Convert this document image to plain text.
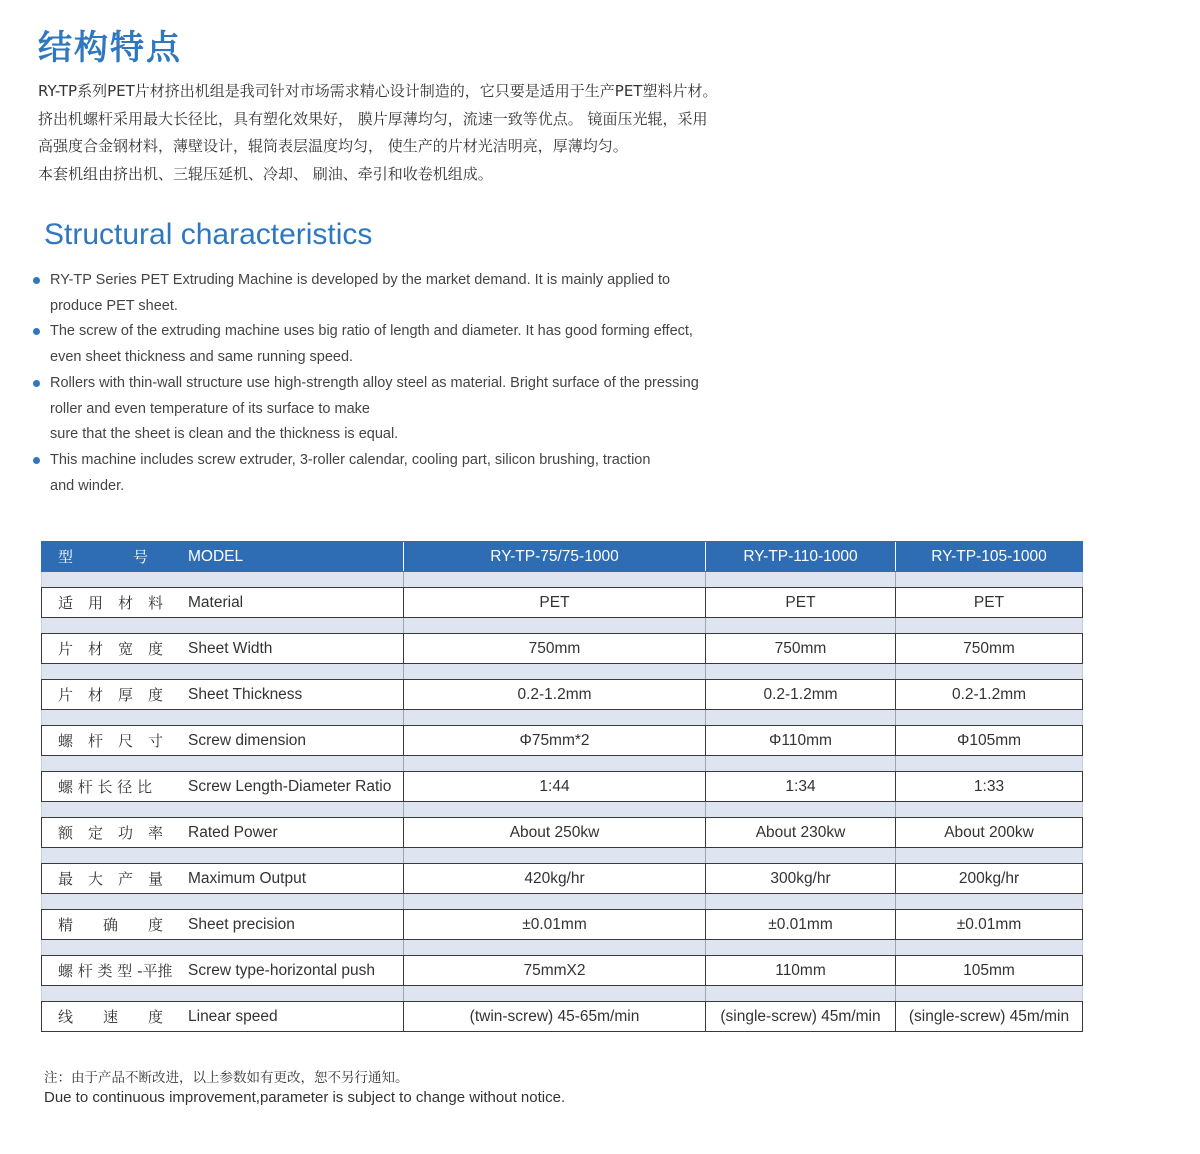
结构特点

RY-TP系列PET片材挤出机组是我司针对市场需求精心设计制造的，它只要是适用于生产PET塑料片材。

挤出机螺杆采用最大长径比，具有塑化效果好， 膜片厚薄均匀，流速一致等优点。 镜面压光辊，采用

高强度合金钢材料，薄壁设计，辊筒表层温度均匀， 使生产的片材光洁明亮，厚薄均匀。

本套机组由挤出机、三辊压延机、冷却、 刷油、牵引和收卷机组成。

Structural characteristics
RY-TP Series PET Extruding Machine is developed by the market demand. It is mainly applied to
produce PET sheet.
The screw of the extruding machine uses big ratio of length and diameter. It has good forming effect,
even sheet thickness and same running speed.
Rollers with thin-wall structure use high-strength alloy steel as material. Bright surface of the pressing
roller and even temperature of its surface to make
sure that the sheet is clean and the thickness is equal.
This machine includes screw extruder, 3-roller calendar, cooling part, silicon brushing, traction
and winder.
型　　　　号	MODEL	RY-TP-75/75-1000	RY-TP-110-1000	RY-TP-105-1000
适　用　材　料	Material	PET	PET	PET
片　材　宽　度	Sheet Width	750mm	750mm	750mm
片　材　厚　度	Sheet Thickness	0.2-1.2mm	0.2-1.2mm	0.2-1.2mm
螺　杆　尺　寸	Screw dimension	Φ75mm*2	Φ110mm	Φ105mm
螺 杆 长 径 比	Screw Length-Diameter Ratio	1:44	1:34	1:33
额　定　功　率	Rated Power	About 250kw	About 230kw	About 200kw
最　大　产　量	Maximum Output	420kg/hr	300kg/hr	200kg/hr
精　　确　　度	Sheet precision	±0.01mm	±0.01mm	±0.01mm
螺 杆 类 型 -平推	Screw type-horizontal push	75mmX2	110mm	105mm
线　　速　　度	Linear speed	(twin-screw) 45-65m/min	(single-screw) 45m/min	(single-screw) 45m/min

注：由于产品不断改进，以上参数如有更改，恕不另行通知。

Due to continuous improvement,parameter is subject to change without notice.
